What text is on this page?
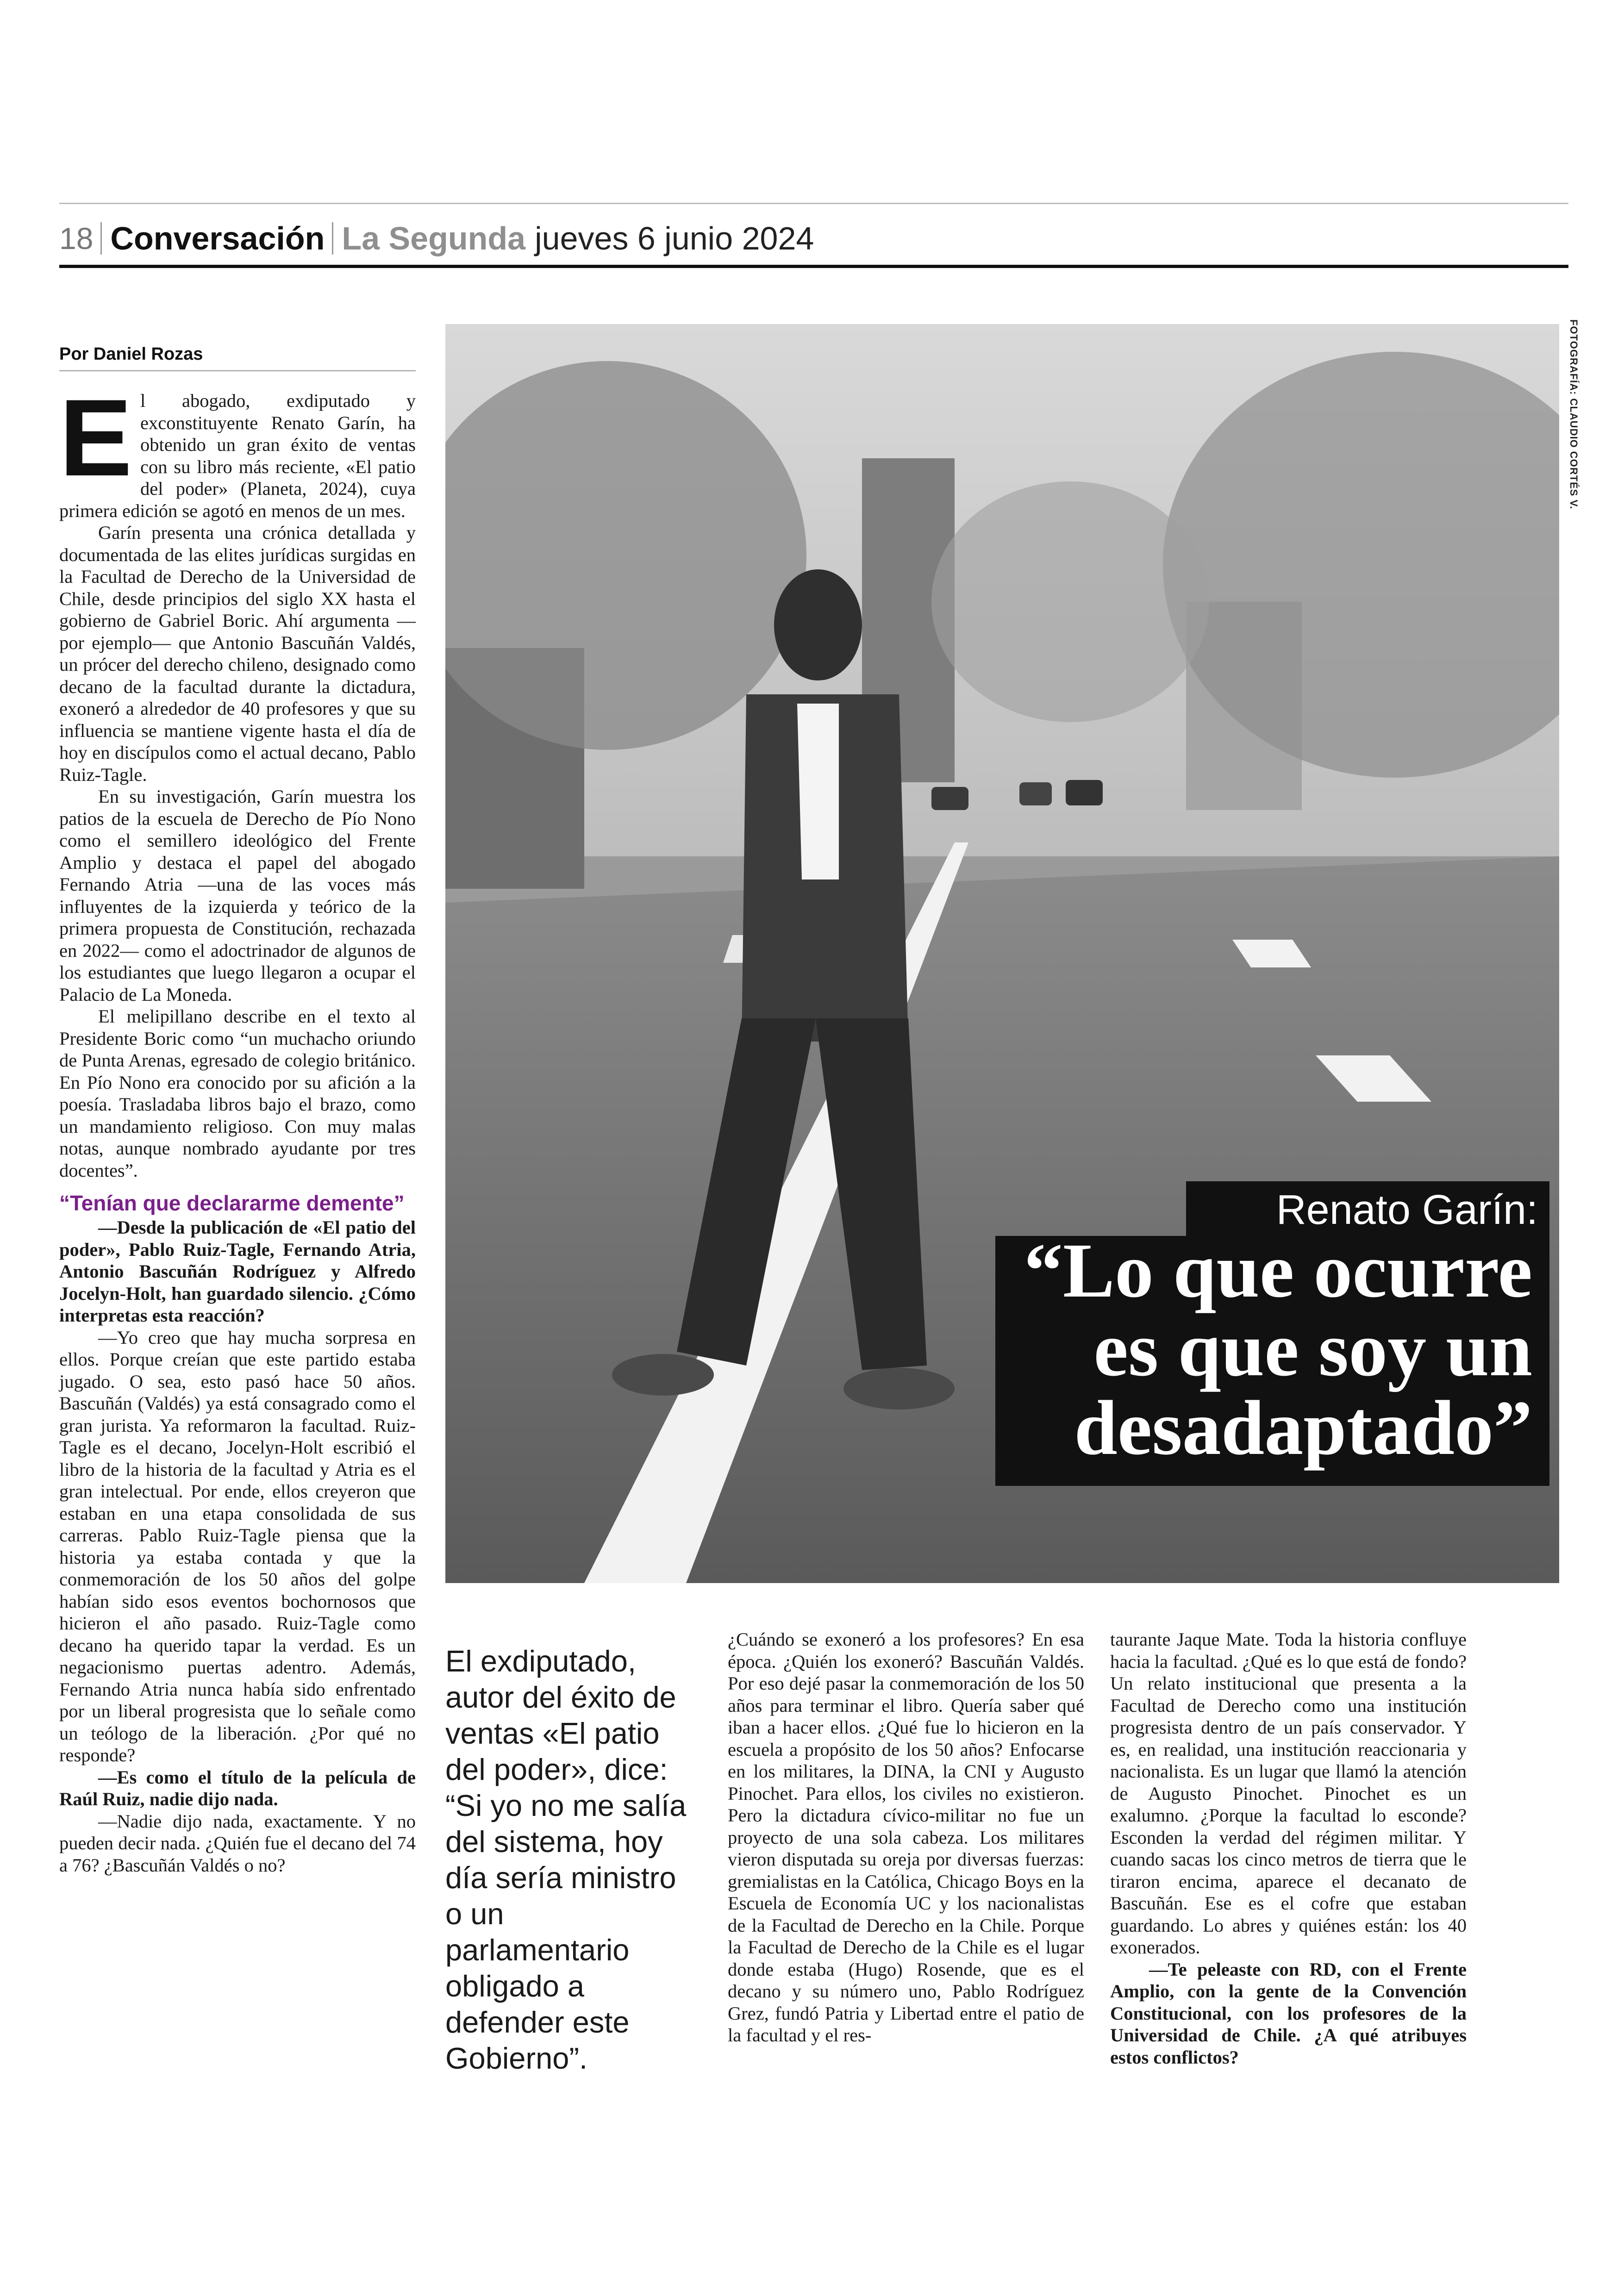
18 Conversación La Segunda jueves 6 junio 2024
Por Daniel Rozas

El abogado, exdiputado y exconstituyente Renato Garín, ha obtenido un gran éxito de ventas con su libro más reciente, «El patio del poder» (Planeta, 2024), cuya primera edición se agotó en menos de un mes.

Garín presenta una crónica detallada y documentada de las elites jurídicas surgidas en la Facultad de Derecho de la Universidad de Chile, desde principios del siglo XX hasta el gobierno de Gabriel Boric. Ahí argumenta —por ejemplo— que Antonio Bascuñán Valdés, un prócer del derecho chileno, designado como decano de la facultad durante la dictadura, exoneró a alrededor de 40 profesores y que su influencia se mantiene vigente hasta el día de hoy en discípulos como el actual decano, Pablo Ruiz-Tagle.

En su investigación, Garín muestra los patios de la escuela de Derecho de Pío Nono como el semillero ideológico del Frente Amplio y destaca el papel del abogado Fernando Atria —una de las voces más influyentes de la izquierda y teórico de la primera propuesta de Constitución, rechazada en 2022— como el adoctrinador de algunos de los estudiantes que luego llegaron a ocupar el Palacio de La Moneda.

El melipillano describe en el texto al Presidente Boric como “un muchacho oriundo de Punta Arenas, egresado de colegio británico. En Pío Nono era conocido por su afición a la poesía. Trasladaba libros bajo el brazo, como un mandamiento religioso. Con muy malas notas, aunque nombrado ayudante por tres docentes”.

“Tenían que declararme demente”

—Desde la publicación de «El patio del poder», Pablo Ruiz-Tagle, Fernando Atria, Antonio Bascuñán Rodríguez y Alfredo Jocelyn-Holt, han guardado silencio. ¿Cómo interpretas esta reacción?

—Yo creo que hay mucha sorpresa en ellos. Porque creían que este partido estaba jugado. O sea, esto pasó hace 50 años. Bascuñán (Valdés) ya está consagrado como el gran jurista. Ya reformaron la facultad. Ruiz-Tagle es el decano, Jocelyn-Holt escribió el libro de la historia de la facultad y Atria es el gran intelectual. Por ende, ellos creyeron que estaban en una etapa consolidada de sus carreras. Pablo Ruiz-Tagle piensa que la historia ya estaba contada y que la conmemoración de los 50 años del golpe habían sido esos eventos bochornosos que hicieron el año pasado. Ruiz-Tagle como decano ha querido tapar la verdad. Es un negacionismo puertas adentro. Además, Fernando Atria nunca había sido enfrentado por un liberal progresista que lo señale como un teólogo de la liberación. ¿Por qué no responde?

—Es como el título de la película de Raúl Ruiz, nadie dijo nada.

—Nadie dijo nada, exactamente. Y no pueden decir nada. ¿Quién fue el decano del 74 a 76? ¿Bascuñán Valdés o no?

FOTOGRAFÍA: CLAUDIO CORTÉS V.
Renato Garín:
“Lo que ocurre es que soy un desadaptado”
El exdiputado, autor del éxito de ventas «El patio del poder», dice: “Si yo no me salía del sistema, hoy día sería ministro o un parlamentario obligado a defender este Gobierno”.

¿Cuándo se exoneró a los profesores? En esa época. ¿Quién los exoneró? Bascuñán Valdés. Por eso dejé pasar la conmemoración de los 50 años para terminar el libro. Quería saber qué iban a hacer ellos. ¿Qué fue lo hicieron en la escuela a propósito de los 50 años? Enfocarse en los militares, la DINA, la CNI y Augusto Pinochet. Para ellos, los civiles no existieron. Pero la dictadura cívico-militar no fue un proyecto de una sola cabeza. Los militares vieron disputada su oreja por diversas fuerzas: gremialistas en la Católica, Chicago Boys en la Escuela de Economía UC y los nacionalistas de la Facultad de Derecho en la Chile. Porque la Facultad de Derecho de la Chile es el lugar donde estaba (Hugo) Rosende, que es el decano y su número uno, Pablo Rodríguez Grez, fundó Patria y Libertad entre el patio de la facultad y el res-

taurante Jaque Mate. Toda la historia confluye hacia la facultad. ¿Qué es lo que está de fondo? Un relato institucional que presenta a la Facultad de Derecho como una institución progresista dentro de un país conservador. Y es, en realidad, una institución reaccionaria y nacionalista. Es un lugar que llamó la atención de Augusto Pinochet. Pinochet es un exalumno. ¿Porque la facultad lo esconde? Esconden la verdad del régimen militar. Y cuando sacas los cinco metros de tierra que le tiraron encima, aparece el decanato de Bascuñán. Ese es el cofre que estaban guardando. Lo abres y quiénes están: los 40 exonerados.

—Te peleaste con RD, con el Frente Amplio, con la gente de la Convención Constitucional, con los profesores de la Universidad de Chile. ¿A qué atribuyes estos conflictos?
